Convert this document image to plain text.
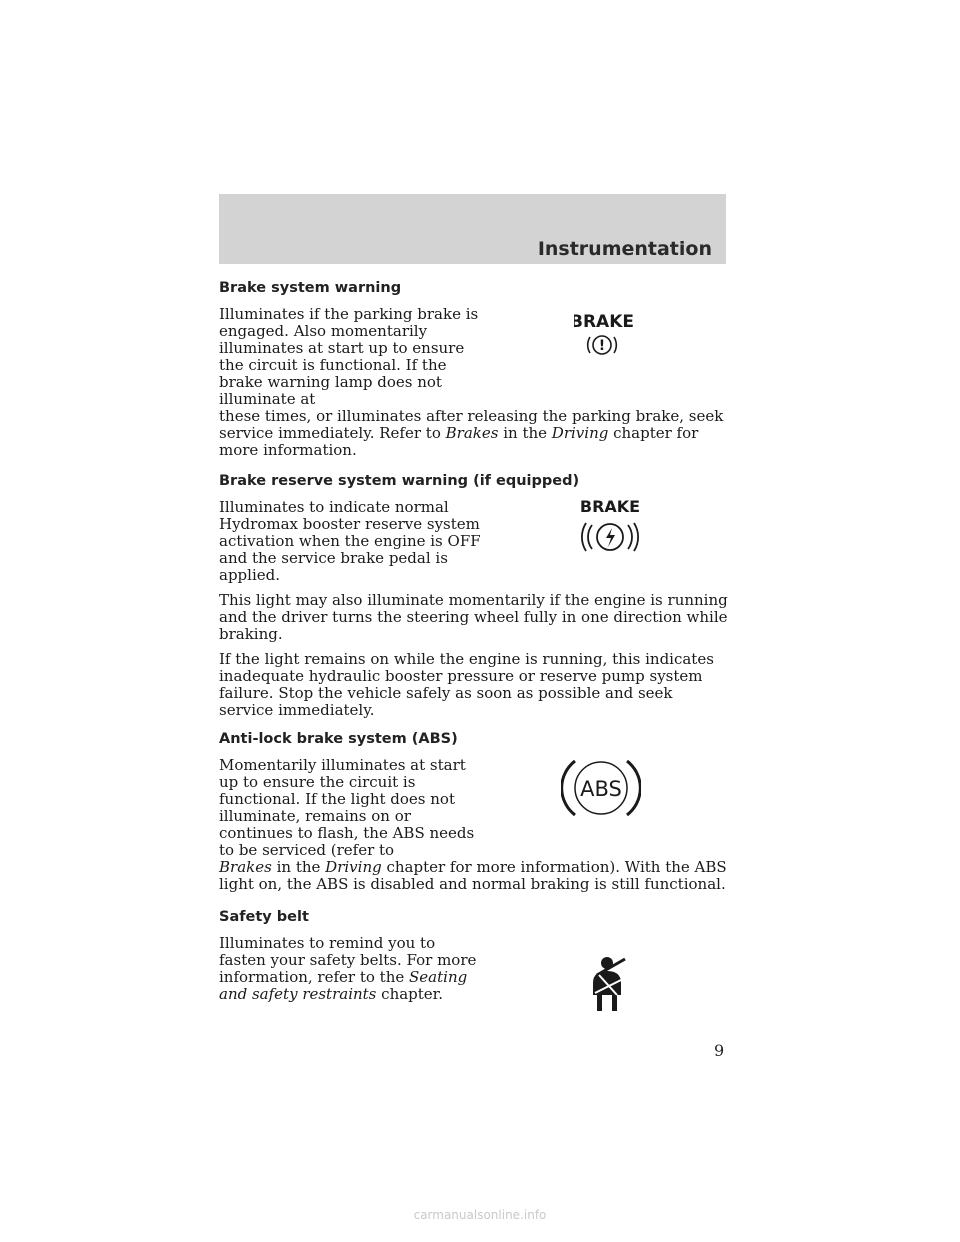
Instrumentation
Brake system warning

Illuminates if the parking brake is engaged. Also momentarily illuminates at start up to ensure the circuit is functional. If the brake warning lamp does not illuminate at

these times, or illuminates after releasing the parking brake, seek service immediately. Refer to Brakes in the Driving chapter for more information.

BRAKE
!
Brake reserve system warning (if equipped)

Illuminates to indicate normal Hydromax booster reserve system activation when the engine is OFF and the service brake pedal is applied.

This light may also illuminate momentarily if the engine is running and the driver turns the steering wheel fully in one direction while braking.

If the light remains on while the engine is running, this indicates inadequate hydraulic booster pressure or reserve pump system failure. Stop the vehicle safely as soon as possible and seek service immediately.

BRAKE
Anti-lock brake system (ABS)

Momentarily illuminates at start up to ensure the circuit is functional. If the light does not illuminate, remains on or continues to flash, the ABS needs to be serviced (refer to
Brakes in the Driving chapter for more information). With the ABS light on, the ABS is disabled and normal braking is still functional.

ABS
Safety belt

Illuminates to remind you to fasten your safety belts. For more information, refer to the Seating and safety restraints chapter.

9
carmanualsonline.info
